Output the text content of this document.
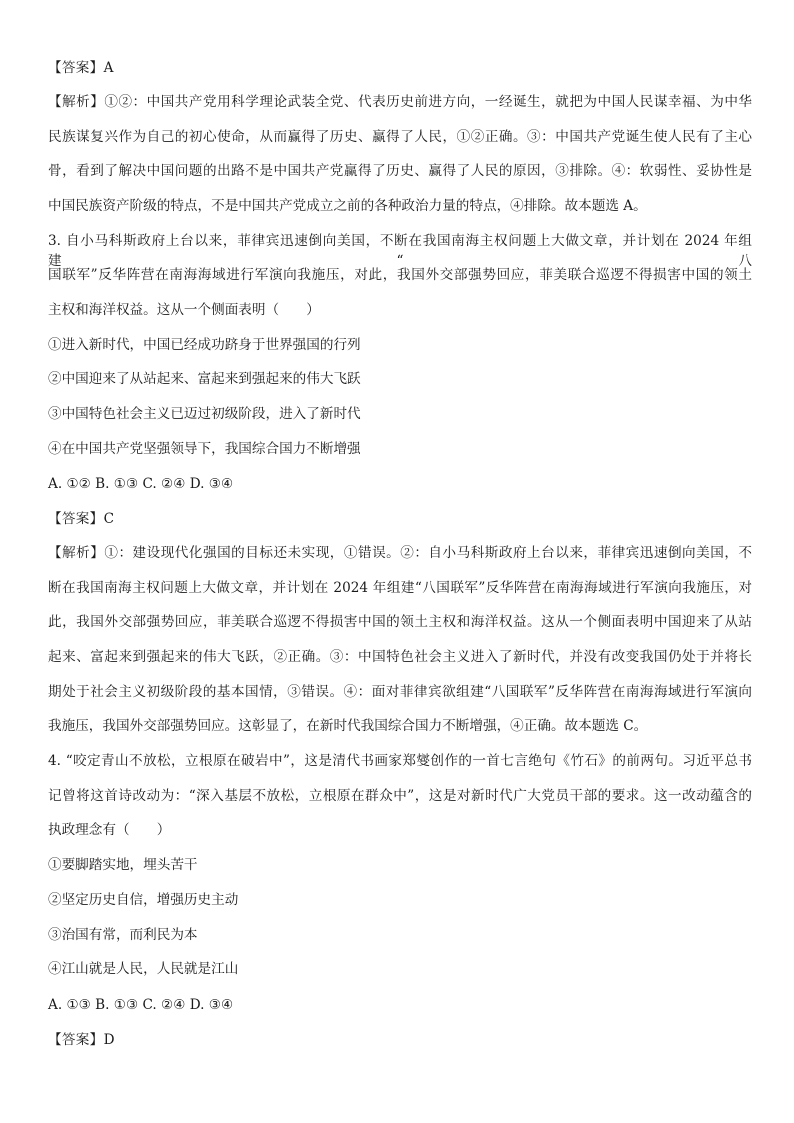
【答案】A
【解析】①②：中国共产党用科学理论武装全党、代表历史前进方向，一经诞生，就把为中国人民谋幸福、为中华
民族谋复兴作为自己的初心使命，从而赢得了历史、赢得了人民，①②正确。③：中国共产党诞生使人民有了主心
骨，看到了解决中国问题的出路不是中国共产党赢得了历史、赢得了人民的原因，③排除。④：软弱性、妥协性是
中国民族资产阶级的特点，不是中国共产党成立之前的各种政治力量的特点，④排除。故本题选 A。
3. 自小马科斯政府上台以来，菲律宾迅速倒向美国，不断在我国南海主权问题上大做文章，并计划在 2024 年组建“八
国联军”反华阵营在南海海域进行军演向我施压，对此，我国外交部强势回应，菲美联合巡逻不得损害中国的领土
主权和海洋权益。这从一个侧面表明（　　）
①进入新时代，中国已经成功跻身于世界强国的行列
②中国迎来了从站起来、富起来到强起来的伟大飞跃
③中国特色社会主义已迈过初级阶段，进入了新时代
④在中国共产党坚强领导下，我国综合国力不断增强
A. ①② B. ①③ C. ②④ D. ③④
【答案】C
【解析】①：建设现代化强国的目标还未实现，①错误。②：自小马科斯政府上台以来，菲律宾迅速倒向美国，不
断在我国南海主权问题上大做文章，并计划在 2024 年组建“八国联军”反华阵营在南海海域进行军演向我施压，对
此，我国外交部强势回应，菲美联合巡逻不得损害中国的领土主权和海洋权益。这从一个侧面表明中国迎来了从站
起来、富起来到强起来的伟大飞跃，②正确。③：中国特色社会主义进入了新时代，并没有改变我国仍处于并将长
期处于社会主义初级阶段的基本国情，③错误。④：面对菲律宾欲组建“八国联军”反华阵营在南海海域进行军演向
我施压，我国外交部强势回应。这彰显了，在新时代我国综合国力不断增强，④正确。故本题选 C。
4. “咬定青山不放松，立根原在破岩中”，这是清代书画家郑燮创作的一首七言绝句《竹石》的前两句。习近平总书
记曾将这首诗改动为：“深入基层不放松，立根原在群众中”，这是对新时代广大党员干部的要求。这一改动蕴含的
执政理念有（　　）
①要脚踏实地，埋头苦干
②坚定历史自信，增强历史主动
③治国有常，而利民为本
④江山就是人民，人民就是江山
A. ①③ B. ①③ C. ②④ D. ③④
【答案】D
